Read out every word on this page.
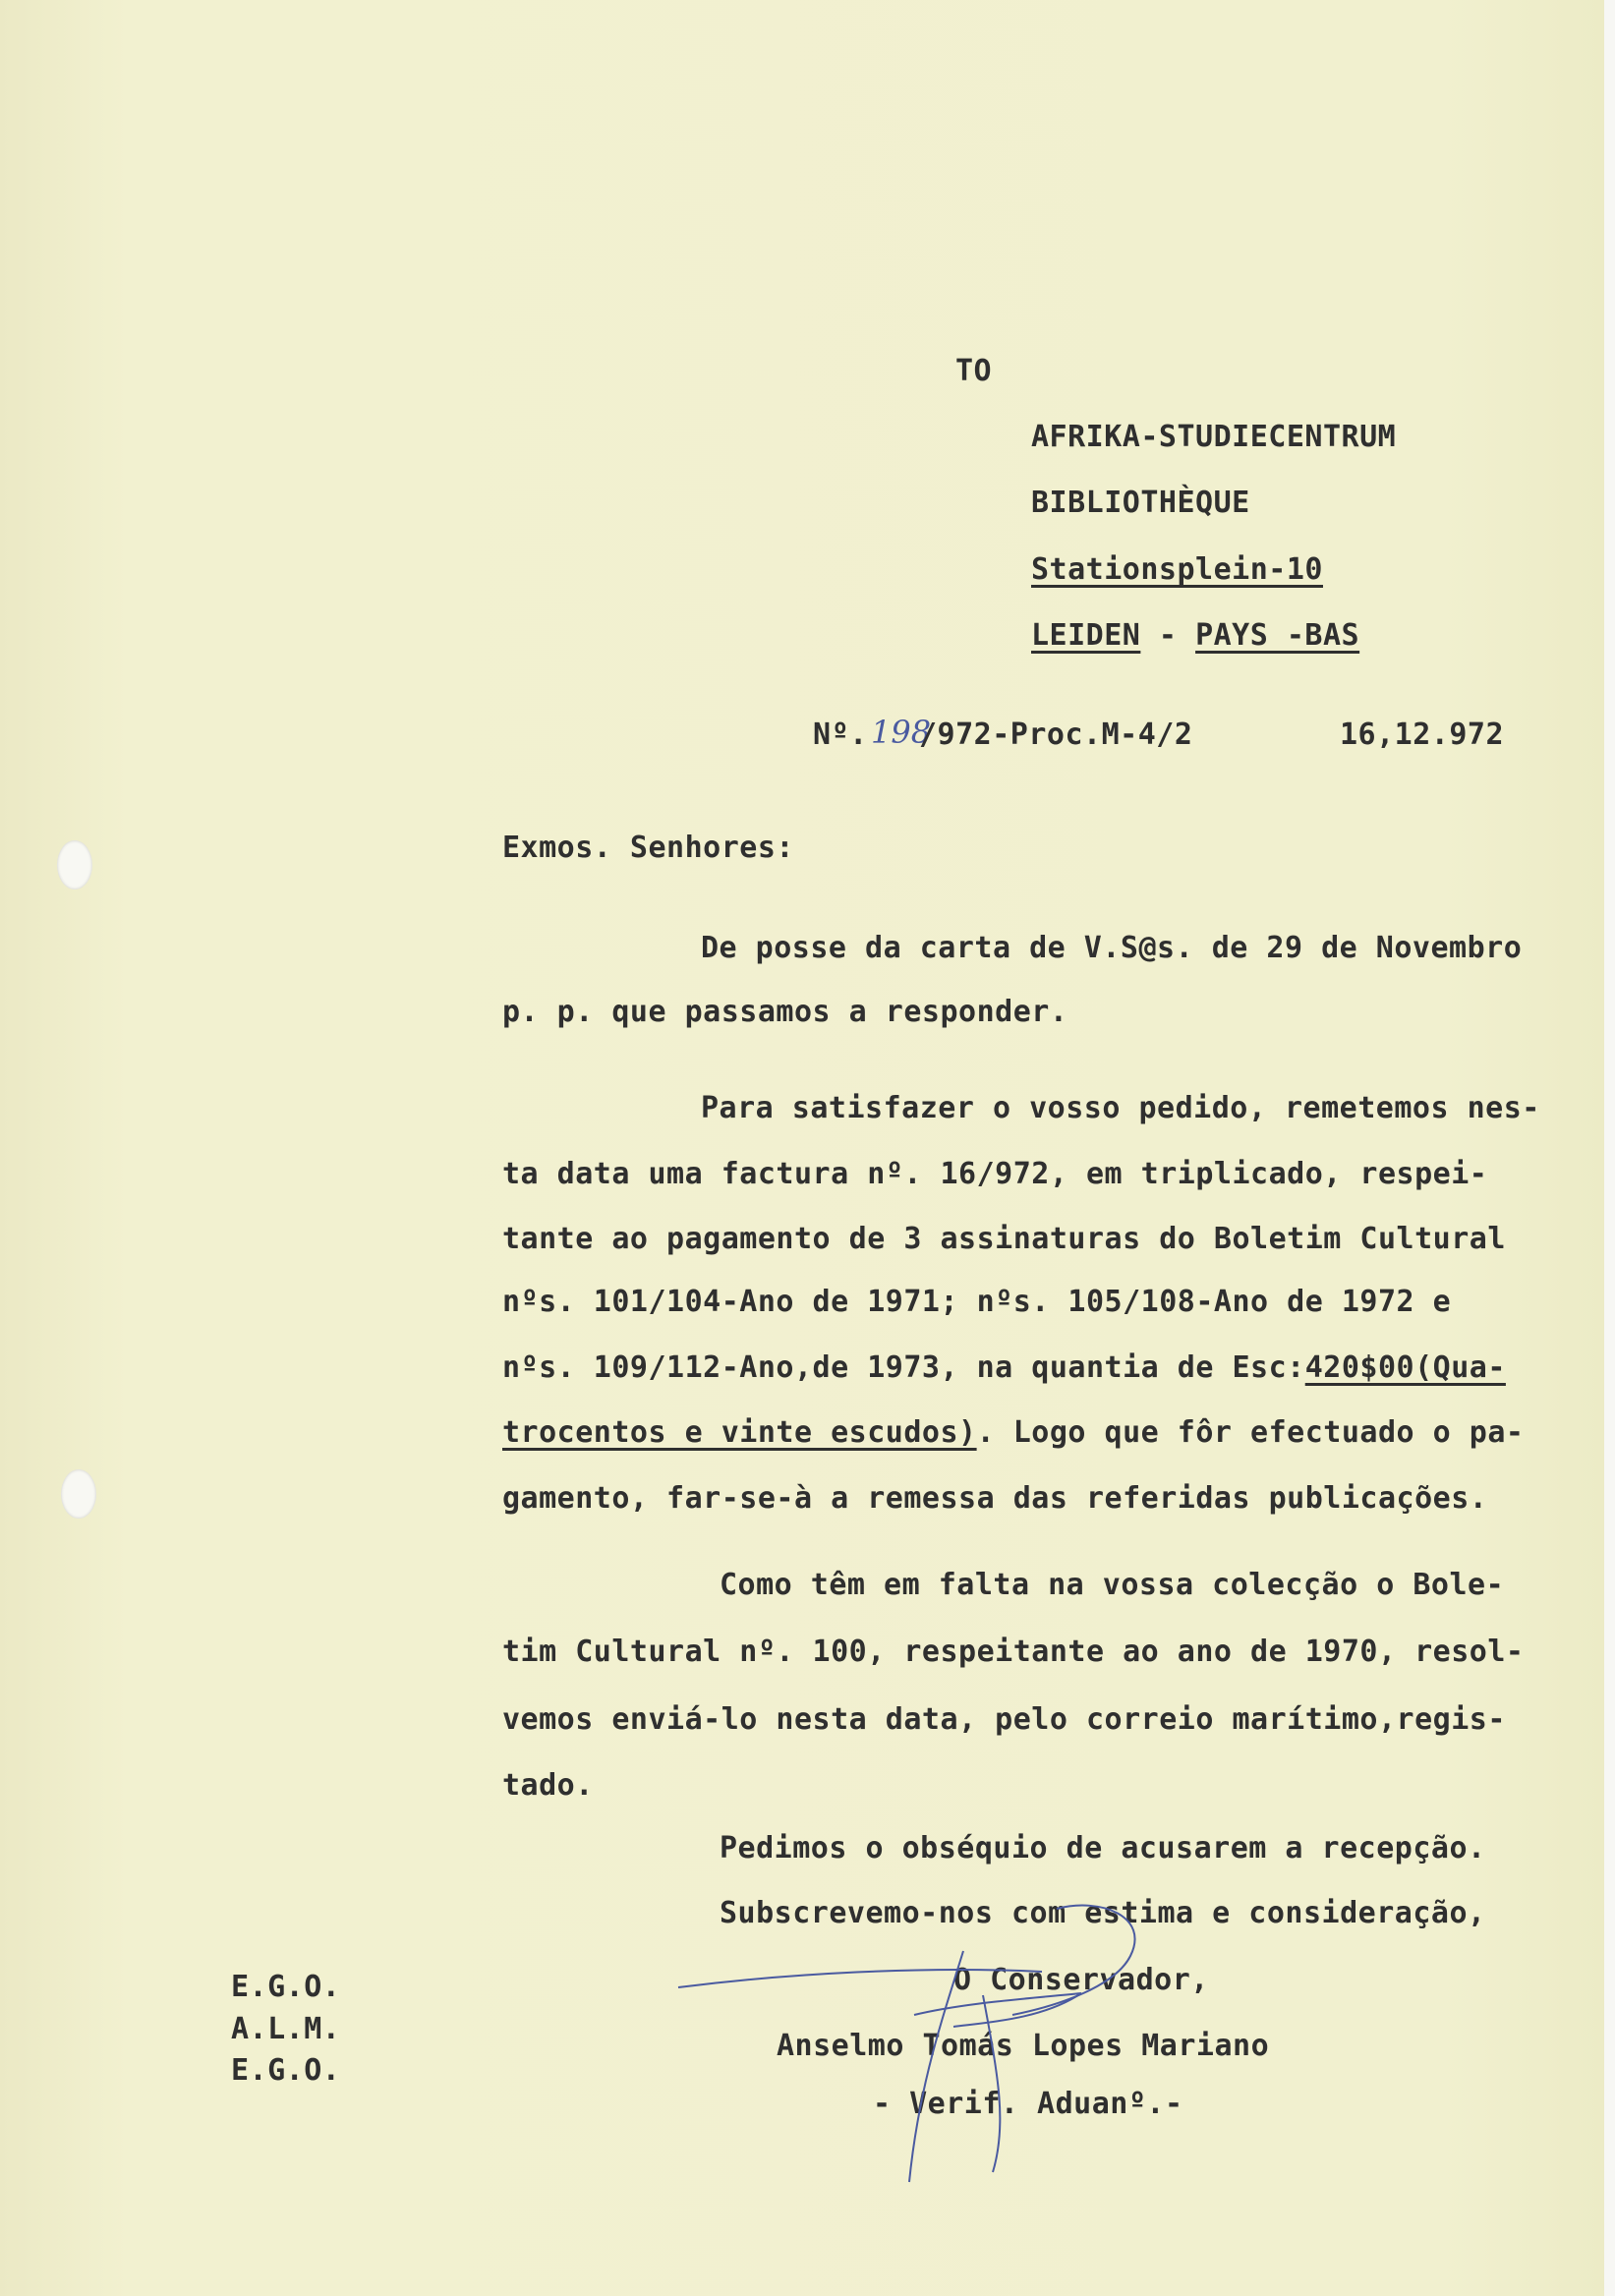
TO
AFRIKA-STUDIECENTRUM
BIBLIOTHÈQUE
Stationsplein-10
LEIDEN - PAYS -BAS
Nº. 198
/972-Proc.M-4/2	16,12.972
Exmos. Senhores:
De posse da carta de V.S@s. de 29 de Novembro
p. p. que passamos a responder.
Para satisfazer o vosso pedido, remetemos nes-
ta data uma factura nº. 16/972, em triplicado, respei-
tante ao pagamento de 3 assinaturas do Boletim Cultural
nºs. 101/104-Ano de 1971; nºs. 105/108-Ano de 1972 e
nºs. 109/112-Ano,de 1973, na quantia de Esc:420$00(Qua-
trocentos e vinte escudos). Logo que fôr efectuado o pa-
gamento, far-se-à a remessa das referidas publicações.
Como têm em falta na vossa colecção o Bole-
tim Cultural nº. 100, respeitante ao ano de 1970, resol-
vemos enviá-lo nesta data, pelo correio marítimo,regis-
tado.
Pedimos o obséquio de acusarem a recepção.
Subscrevemo-nos com estima e consideração,
O Conservador,
Anselmo Tomás Lopes Mariano
- Verif. Aduanº.-
E.G.O.
A.L.M.
E.G.O.
